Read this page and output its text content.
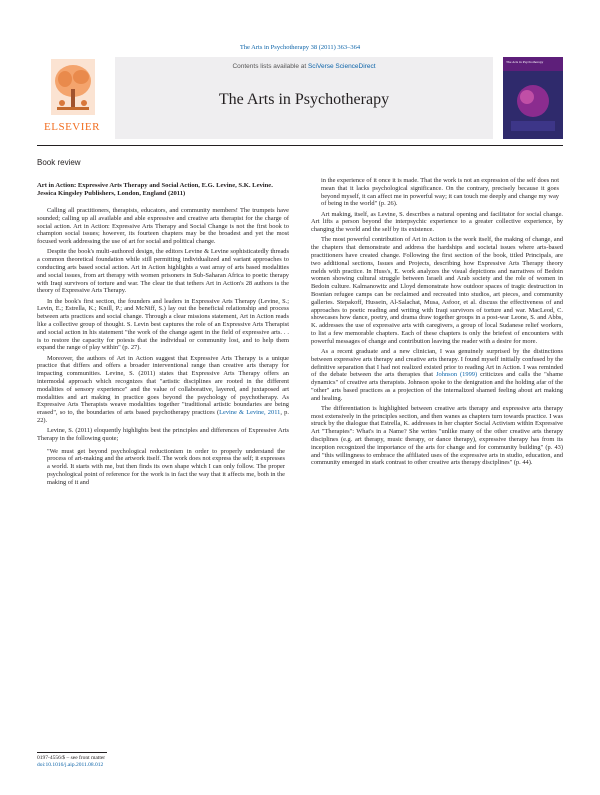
The Arts in Psychotherapy 38 (2011) 363–364
ELSEVIER
Contents lists available at SciVerse ScienceDirect
The Arts in Psychotherapy
The Arts in Psychotherapy
Book review
Art in Action: Expressive Arts Therapy and Social Action, E.G. Levine, S.K. Levine. Jessica Kingsley Publishers, London, England (2011)

Calling all practitioners, therapists, educators, and community members! The trumpets have sounded; calling up all available and able expressive and creative arts therapist for the charge of social action. Art in Action: Expressive Arts Therapy and Social Change is not the first book to champion social issues; however, its fourteen chapters may be the broadest and yet the most focused work addressing the use of art for social and political change.

Despite the book's multi-authored design, the editors Levine & Levine sophisticatedly threads a common theoretical foundation while still permitting individualized and variant approaches to conducting arts based social action. Art in Action highlights a vast array of arts based modalities and social issues, from art therapy with women prisoners in Sub-Saharan Africa to poetic therapy with Iraqi survivors of torture and war. The clear tie that tethers Art in Action's 28 authors is the theory of Expressive Arts Therapy.

In the book's first section, the founders and leaders in Expressive Arts Therapy (Levine, S.; Levin, E.; Estrella, K.; Knill, P.; and McNiff, S.) lay out the beneficial relationship and process between arts practices and social change. Through a clear missions statement, Art in Action reads like a collective group of thought. S. Levin best captures the role of an Expressive Arts Therapist and social action in his statement "the work of the change agent in the field of expressive arts. . . is to restore the capacity for poiesis that the individual or community lost, and to help them expand the range of play within" (p. 27).

Moreover, the authors of Art in Action suggest that Expressive Arts Therapy is a unique practice that differs and offers a broader interventional range than creative arts therapy for impacting communities. Levine, S. (2011) states that Expressive Arts Therapy offers an intermodal approach which recognizes that "artistic disciplines are rooted in the different modalities of sensory experience" and the value of collaborative, layered, and juxtaposed art modalities and art making in practice goes beyond the psychology of psychotherapy. As Expressive Arts Therapists weave modalities together "traditional artistic boundaries are being erased", so to, the boundaries of arts based psychotherapy practices (Levine & Levine, 2011, p. 22).

Levine, S. (2011) eloquently highlights best the principles and differences of Expressive Arts Therapy in the following quote;

"We must get beyond psychological reductionism in order to properly understand the process of art-making and the artwork itself. The work does not express the self; it expresses a world. It starts with me, but then finds its own shape which I can only follow. The proper psychological point of reference for the work is in fact the way that it affects me, both in the making of it and

in the experience of it once it is made. That the work is not an expression of the self does not mean that it lacks psychological significance. On the contrary, precisely because it goes beyond myself, it can affect me in powerful way; it can touch me deeply and change my way of being in the world" (p. 26).

Art making, itself, as Levine, S. describes a natural opening and facilitator for social change. Art lifts a person beyond the interpsychic experience to a greater collective experience, by changing the world and the self by its existence.

The most powerful contribution of Art in Action is the work itself, the making of change, and the chapters that demonstrate and address the hardships and societal issues where arts-based practitioners have created change. Following the first section of the book, titled Principals, are two additional sections, Issues and Projects, describing how Expressive Arts Therapy theory melds with practice. In Huss's, E. work analyzes the visual depictions and narratives of Bedoin women showing cultural struggle between Israeli and Arab society and the role of women in Bedoin culture. Kalmanowitz and Lloyd demonstrate how outdoor spaces of tragic destruction in Bosnian refugee camps can be reclaimed and recreated into studios, art pieces, and community galleries. Stepakoff, Hussein, Al-Salachat, Musa, Asfoor, et al. discuss the effectiveness of and approaches to poetic reading and writing with Iraqi survivors of torture and war. MacLeod, C. showcases how dance, poetry, and drama draw together groups in a post-war Leone, S. and Abbs, K. addresses the use of expressive arts with caregivers, a group of local Sudanese relief workers, to list a few memorable chapters. Each of these chapters is only the briefest of encounters with powerful messages of change and contribution leaving the reader with a desire for more.

As a recent graduate and a new clinician, I was genuinely surprised by the distinctions between expressive arts therapy and creative arts therapy. I found myself initially confused by the definitive separation that I had not realized existed prior to reading Art in Action. I was reminded of the debate between the arts therapies that Johnson (1999) criticizes and calls the "shame dynamics" of creative arts therapists. Johnson spoke to the denigration and the holding afar of the "other" arts based practices as a projection of the internalized shamed feeling about art making and healing.

The differentiation is highlighted between creative arts therapy and expressive arts therapy most extensively in the principles section, and then wanes as chapters turn towards practice. I was struck by the dialogue that Estrella, K. addresses in her chapter Social Activism within Expressive Art "Therapies": What's in a Name? She writes "unlike many of the other creative arts therapy disciplines (e.g. art therapy, music therapy, or dance therapy), expressive therapy has from its inception recognized the importance of the arts for change and for community building" (p. 43) and "this willingness to embrace the affiliated uses of the expressive arts in studio, education, and community emerged in stark contrast to other creative arts therapy disciplines" (p. 44).

0197-4556/$ – see front matter
doi:10.1016/j.aip.2011.08.012
